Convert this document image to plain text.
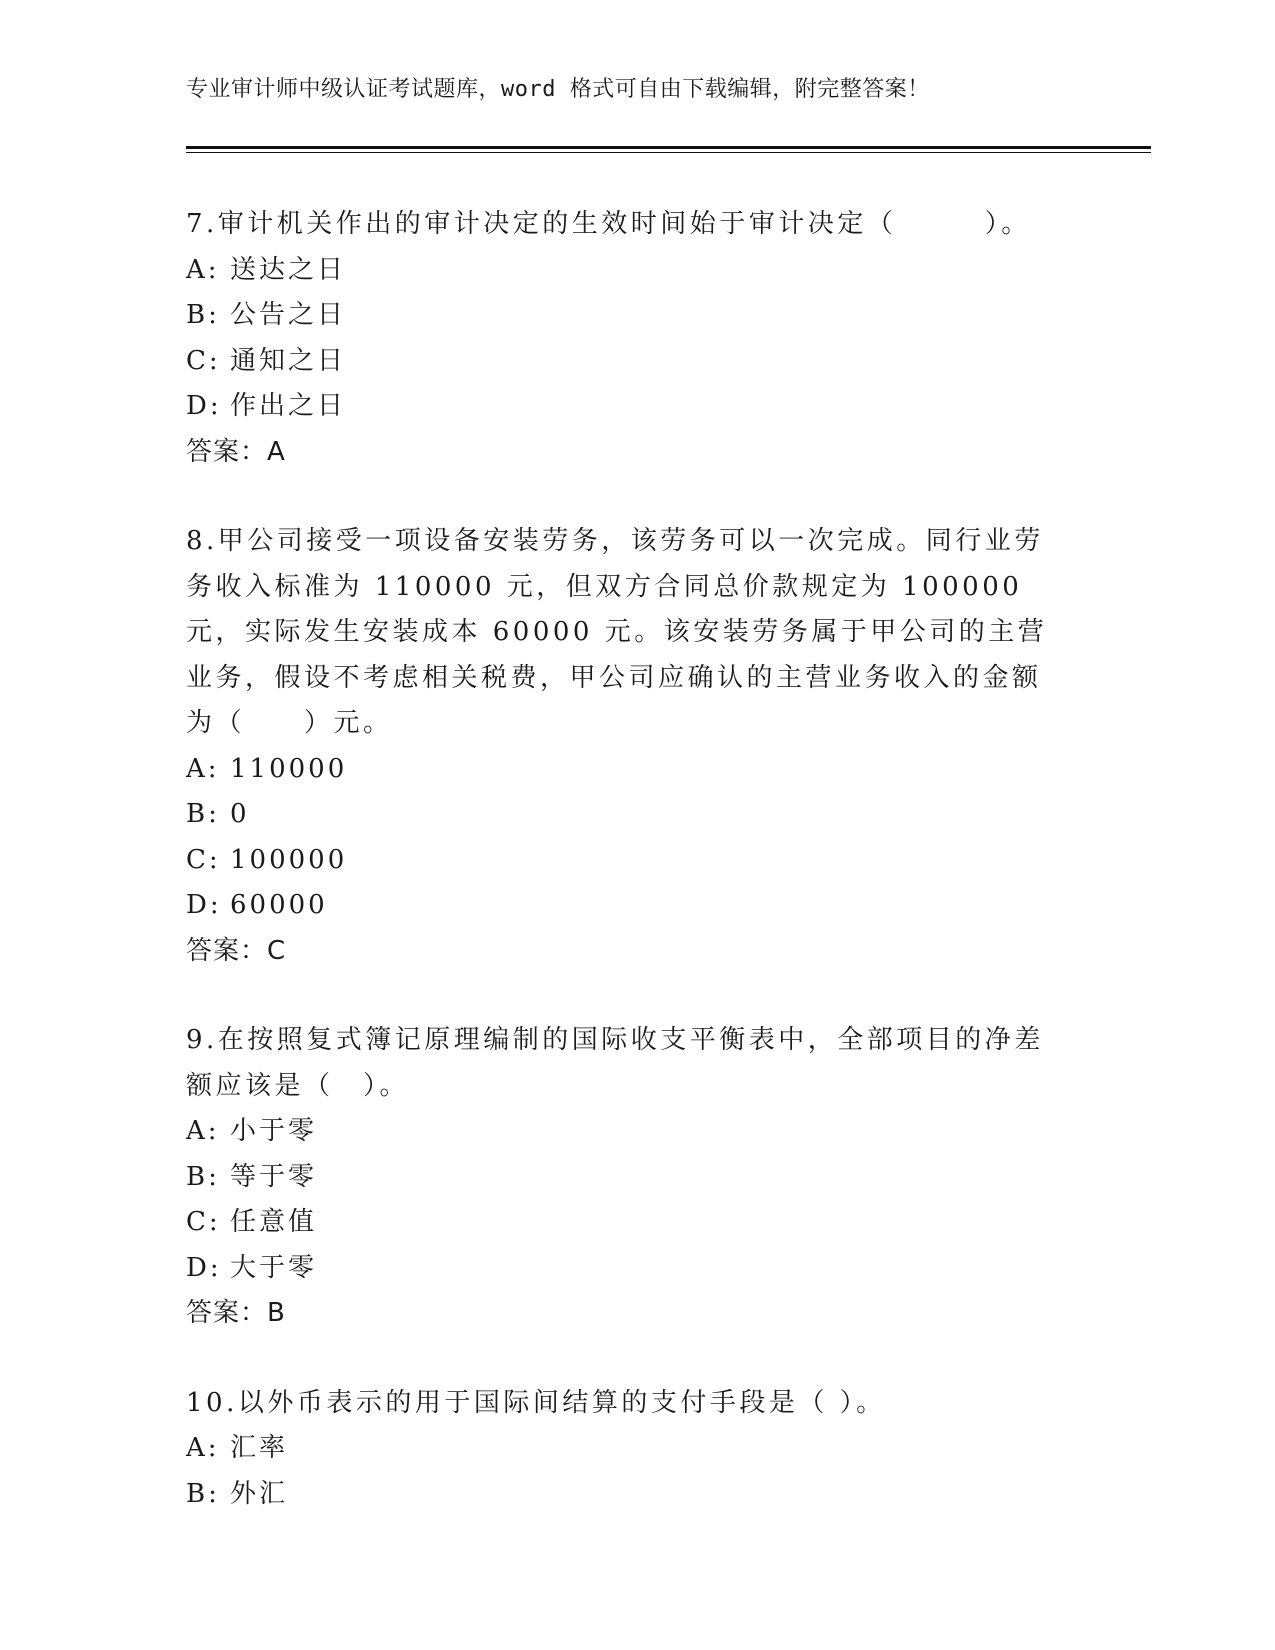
专业审计师中级认证考试题库，word 格式可自由下载编辑，附完整答案！

7.审计机关作出的审计决定的生效时间始于审计决定（　　　）。

A: 送达之日
B: 公告之日
C: 通知之日
D: 作出之日
答案：A

8.甲公司接受一项设备安装劳务，该劳务可以一次完成。同行业劳务收入标准为 110000 元，但双方合同总价款规定为 100000 元，实际发生安装成本 60000 元。该安装劳务属于甲公司的主营业务，假设不考虑相关税费，甲公司应确认的主营业务收入的金额为（　　）元。

A: 110000
B: 0
C: 100000
D: 60000
答案：C

9.在按照复式簿记原理编制的国际收支平衡表中，全部项目的净差额应该是（　）。

A: 小于零
B: 等于零
C: 任意值
D: 大于零
答案：B

10.以外币表示的用于国际间结算的支付手段是（ ）。

A: 汇率
B: 外汇
